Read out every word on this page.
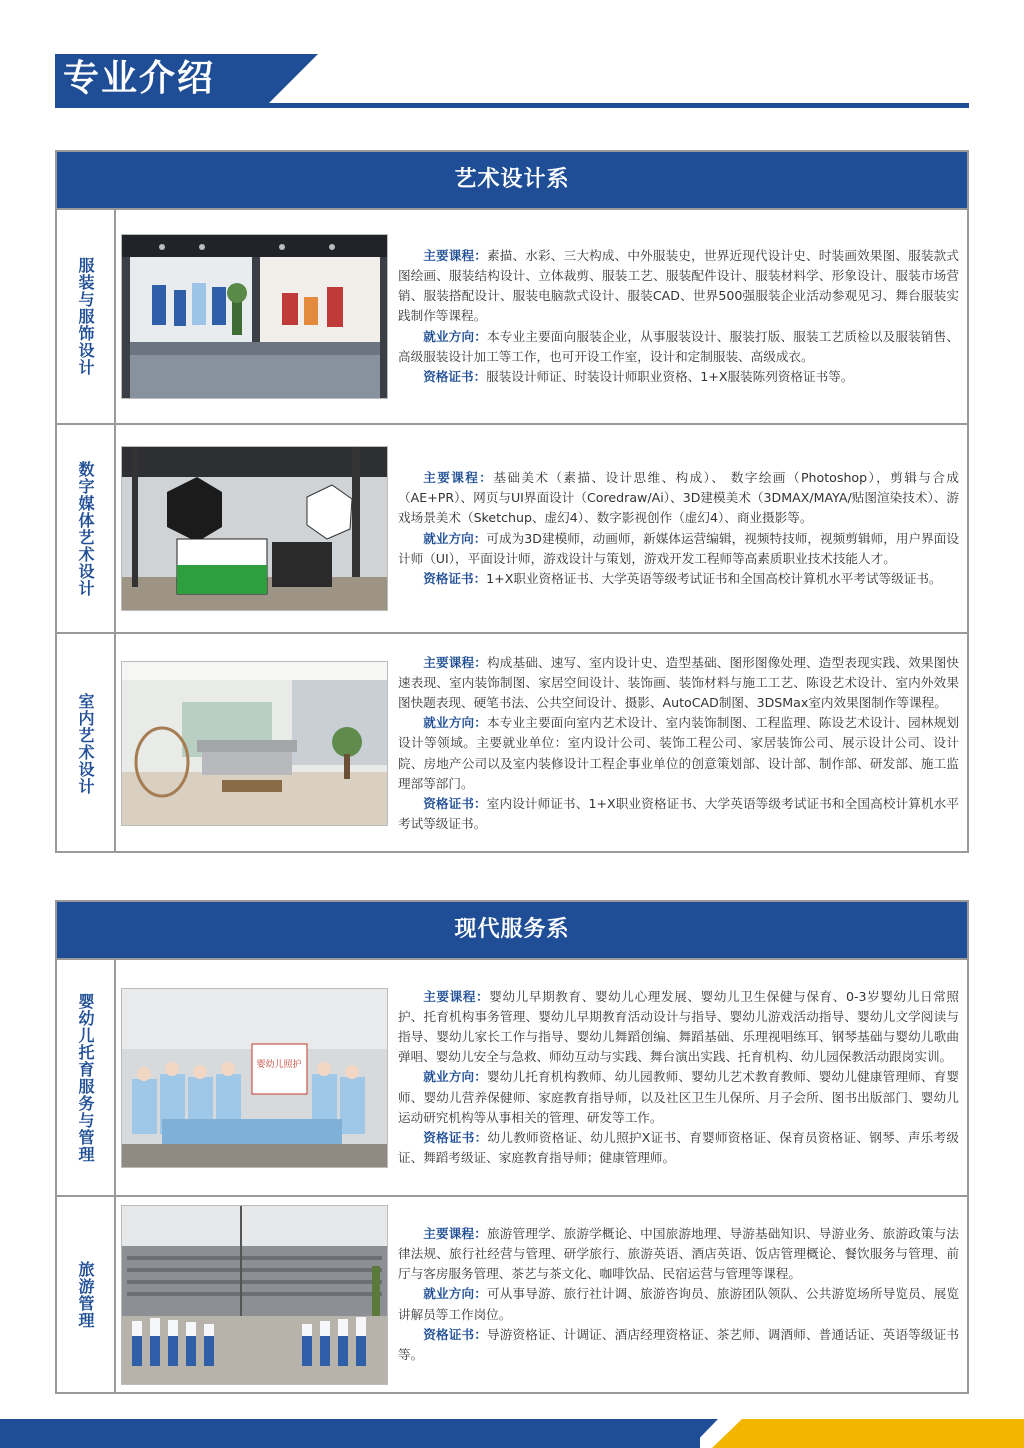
专业介绍
艺术设计系
服装与服饰设计

主要课程：素描、水彩、三大构成、中外服装史，世界近现代设计史、时装画效果图、服装款式图绘画、服装结构设计、立体裁剪、服装工艺、服装配件设计、服装材料学、形象设计、服装市场营销、服装搭配设计、服装电脑款式设计、服装CAD、世界500强服装企业活动参观见习、舞台服装实践制作等课程。

就业方向：本专业主要面向服装企业，从事服装设计、服装打版、服装工艺质检以及服装销售、高级服装设计加工等工作，也可开设工作室，设计和定制服装、高级成衣。

资格证书：服装设计师证、时装设计师职业资格、1+X服装陈列资格证书等。

数字媒体艺术设计	主要课程：基础美术（素描、设计思维、构成）、 数字绘画（Photoshop），剪辑与合成（AE+PR）、网页与UI界面设计（Coredraw/Ai）、3D建模美术（3DMAX/MAYA/贴图渲染技术）、游戏场景美术（Sketchup、虚幻4）、数字影视创作（虚幻4）、商业摄影等。

就业方向：可成为3D建模师，动画师，新媒体运营编辑，视频特技师，视频剪辑师，用户界面设计师（UI），平面设计师，游戏设计与策划，游戏开发工程师等高素质职业技术技能人才。

资格证书：1+X职业资格证书、大学英语等级考试证书和全国高校计算机水平考试等级证书。

室内艺术设计

主要课程：构成基础、速写、室内设计史、造型基础、图形图像处理、造型表现实践、效果图快速表现、室内装饰制图、家居空间设计、装饰画、装饰材料与施工工艺、陈设艺术设计、室内外效果图快题表现、硬笔书法、公共空间设计、摄影、AutoCAD制图、3DSMax室内效果图制作等课程。

就业方向：本专业主要面向室内艺术设计、室内装饰制图、工程监理、陈设艺术设计、园林规划设计等领域。主要就业单位：室内设计公司、装饰工程公司、家居装饰公司、展示设计公司、设计院、房地产公司以及室内装修设计工程企事业单位的创意策划部、设计部、制作部、研发部、施工监理部等部门。

资格证书：室内设计师证书、1+X职业资格证书、大学英语等级考试证书和全国高校计算机水平考试等级证书。

现代服务系
婴幼儿托育服务与管理	婴幼儿照护

主要课程：婴幼儿早期教育、婴幼儿心理发展、婴幼儿卫生保健与保育、0-3岁婴幼儿日常照护、托育机构事务管理、婴幼儿早期教育活动设计与指导、婴幼儿游戏活动指导、婴幼儿文学阅读与指导、婴幼儿家长工作与指导、婴幼儿舞蹈创编、舞蹈基础、乐理视唱练耳、钢琴基础与婴幼儿歌曲弹唱、婴幼儿安全与急救、师幼互动与实践、舞台演出实践、托育机构、幼儿园保教活动跟岗实训。

就业方向：婴幼儿托育机构教师、幼儿园教师、婴幼儿艺术教育教师、婴幼儿健康管理师、育婴师、婴幼儿营养保健师、家庭教育指导师，以及社区卫生儿保所、月子会所、图书出版部门、婴幼儿运动研究机构等从事相关的管理、研发等工作。

资格证书：幼儿教师资格证、幼儿照护X证书、育婴师资格证、保育员资格证、钢琴、声乐考级证、舞蹈考级证、家庭教育指导师；健康管理师。

旅游管理

主要课程：旅游管理学、旅游学概论、中国旅游地理、导游基础知识、导游业务、旅游政策与法律法规、旅行社经营与管理、研学旅行、旅游英语、酒店英语、饭店管理概论、餐饮服务与管理、前厅与客房服务管理、茶艺与茶文化、咖啡饮品、民宿运营与管理等课程。

就业方向：可从事导游、旅行社计调、旅游咨询员、旅游团队领队、公共游览场所导览员、展览讲解员等工作岗位。

资格证书：导游资格证、计调证、酒店经理资格证、茶艺师、调酒师、普通话证、英语等级证书等。
